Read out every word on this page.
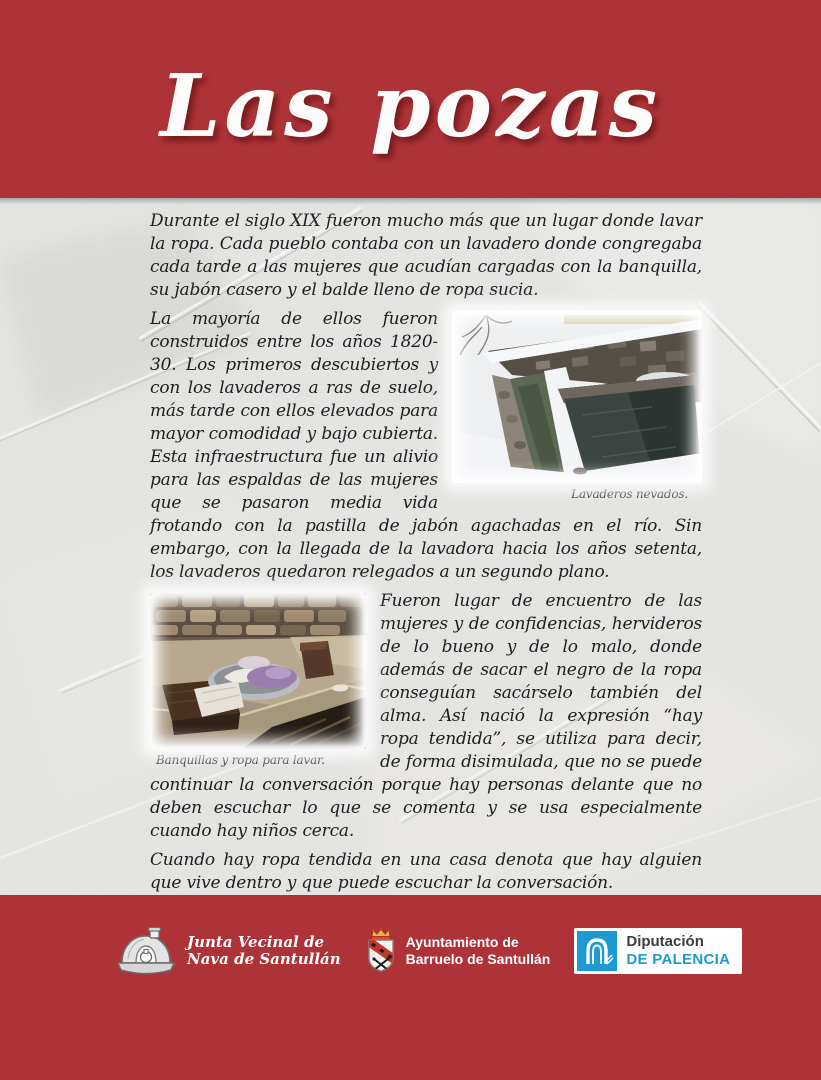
Las pozas

Durante el siglo XIX fueron mucho más que un lugar donde lavar la ropa. Cada pueblo contaba con un lavadero donde congregaba cada tarde a las mujeres que acudían cargadas con la banquilla, su jabón casero y el balde lleno de ropa sucia.

Lavaderos nevados.

La mayoría de ellos fueron construidos entre los años 1820-30. Los primeros descubiertos y con los lavaderos a ras de suelo, más tarde con ellos elevados para mayor comodidad y bajo cubierta. Esta infraestructura fue un alivio para las espaldas de las mujeres que se pasaron media vida frotando con la pastilla de jabón agachadas en el río. Sin embargo, con la llegada de la lavadora hacia los años setenta, los lavaderos quedaron relegados a un segundo plano.

Banquillas y ropa para lavar.

Fueron lugar de encuentro de las mujeres y de confidencias, hervideros de lo bueno y de lo malo, donde además de sacar el negro de la ropa conseguían sacárselo también del alma. Así nació la expresión “hay ropa tendida”, se utiliza para decir, de forma disimulada, que no se puede continuar la conversación porque hay personas delante que no deben escuchar lo que se comenta y se usa especialmente cuando hay niños cerca.

Cuando hay ropa tendida en una casa denota que hay alguien que vive dentro y que puede escuchar la conversación.

Junta Vecinal de
Nava de Santullán
Ayuntamiento de
Barruelo de Santullán
Diputación
DE PALENCIA
